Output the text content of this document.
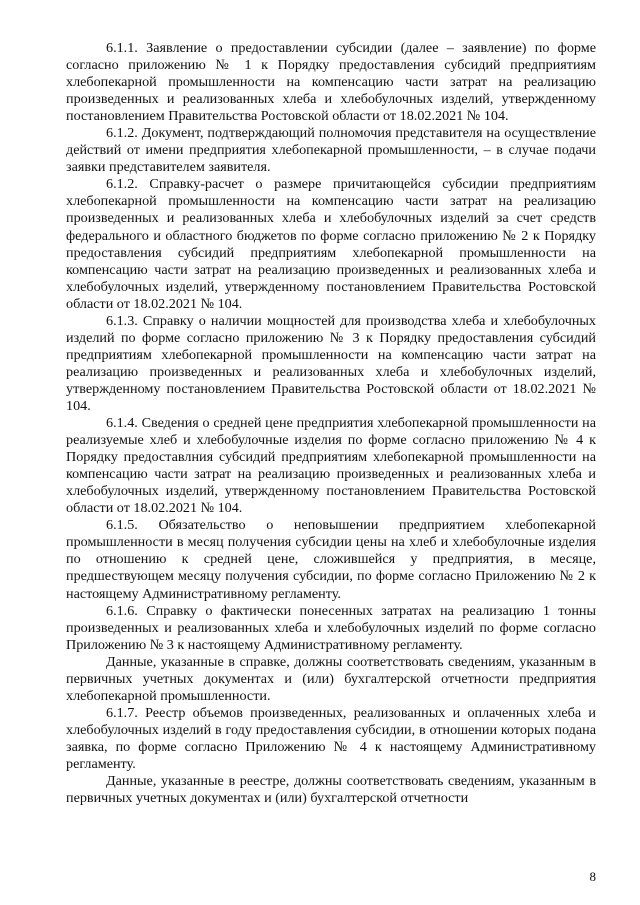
6.1.1. Заявление о предоставлении субсидии (далее – заявление) по форме согласно приложению № 1 к Порядку предоставления субсидий предприятиям хлебопекарной промышленности на компенсацию части затрат на реализацию произведенных и реализованных хлеба и хлебобулочных изделий, утвержденному постановлением Правительства Ростовской области от 18.02.2021 № 104.

6.1.2. Документ, подтверждающий полномочия представителя на осуществление действий от имени предприятия хлебопекарной промышленности, – в случае подачи заявки представителем заявителя.

6.1.2. Справку-расчет о размере причитающейся субсидии предприятиям хлебопекарной промышленности на компенсацию части затрат на реализацию произведенных и реализованных хлеба и хлебобулочных изделий за счет средств федерального и областного бюджетов по форме согласно приложению № 2 к Порядку предоставления субсидий предприятиям хлебопекарной промышленности на компенсацию части затрат на реализацию произведенных и реализованных хлеба и хлебобулочных изделий, утвержденному постановлением Правительства Ростовской области от 18.02.2021 № 104.

6.1.3. Справку о наличии мощностей для производства хлеба и хлебобулочных изделий по форме согласно приложению № 3 к Порядку предоставления субсидий предприятиям хлебопекарной промышленности на компенсацию части затрат на реализацию произведенных и реализованных хлеба и хлебобулочных изделий, утвержденному постановлением Правительства Ростовской области от 18.02.2021 № 104.

6.1.4. Сведения о средней цене предприятия хлебопекарной промышленности на реализуемые хлеб и хлебобулочные изделия по форме согласно приложению № 4 к Порядку предоставлния субсидий предприятиям хлебопекарной промышленности на компенсацию части затрат на реализацию произведенных и реализованных хлеба и хлебобулочных изделий, утвержденному постановлением Правительства Ростовской области от 18.02.2021 № 104.

6.1.5. Обязательство о неповышении предприятием хлебопекарной промышленности в месяц получения субсидии цены на хлеб и хлебобулочные изделия по отношению к средней цене, сложившейся у предприятия, в месяце, предшествующем месяцу получения субсидии, по форме согласно Приложению № 2 к настоящему Административному регламенту.

6.1.6. Справку о фактически понесенных затратах на реализацию 1 тонны произведенных и реализованных хлеба и хлебобулочных изделий по форме согласно Приложению № 3 к настоящему Административному регламенту.

Данные, указанные в справке, должны соответствовать сведениям, указанным в первичных учетных документах и (или) бухгалтерской отчетности предприятия хлебопекарной промышленности.

6.1.7. Реестр объемов произведенных, реализованных и оплаченных хлеба и хлебобулочных изделий в году предоставления субсидии, в отношении которых подана заявка, по форме согласно Приложению № 4 к настоящему Административному регламенту.

Данные, указанные в реестре, должны соответствовать сведениям, указанным в первичных учетных документах и (или) бухгалтерской отчетности

8
